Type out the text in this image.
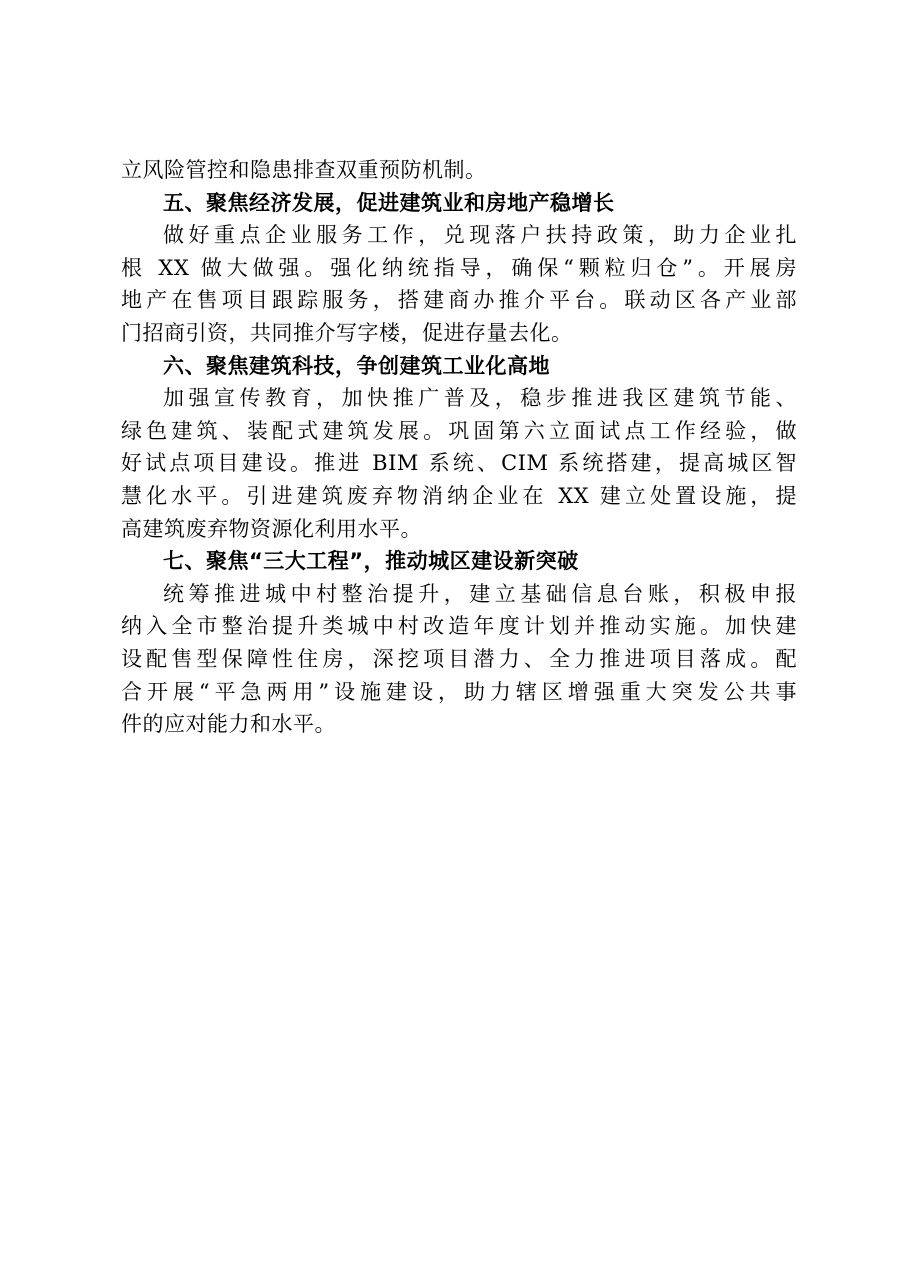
立风险管控和隐患排查双重预防机制。

五、聚焦经济发展，促进建筑业和房地产稳增长
做好重点企业服务工作，兑现落户扶持政策，助力企业扎
根 XX 做大做强。强化纳统指导，确保“颗粒归仓”。开展房
地产在售项目跟踪服务，搭建商办推介平台。联动区各产业部
门招商引资，共同推介写字楼，促进存量去化。
六、聚焦建筑科技，争创建筑工业化高地
加强宣传教育，加快推广普及，稳步推进我区建筑节能、
绿色建筑、装配式建筑发展。巩固第六立面试点工作经验，做
好试点项目建设。推进 BIM 系统、CIM 系统搭建，提高城区智
慧化水平。引进建筑废弃物消纳企业在 XX 建立处置设施，提
高建筑废弃物资源化利用水平。
七、聚焦“三大工程”，推动城区建设新突破
统筹推进城中村整治提升，建立基础信息台账，积极申报
纳入全市整治提升类城中村改造年度计划并推动实施。加快建
设配售型保障性住房，深挖项目潜力、全力推进项目落成。配
合开展“平急两用”设施建设，助力辖区增强重大突发公共事
件的应对能力和水平。
